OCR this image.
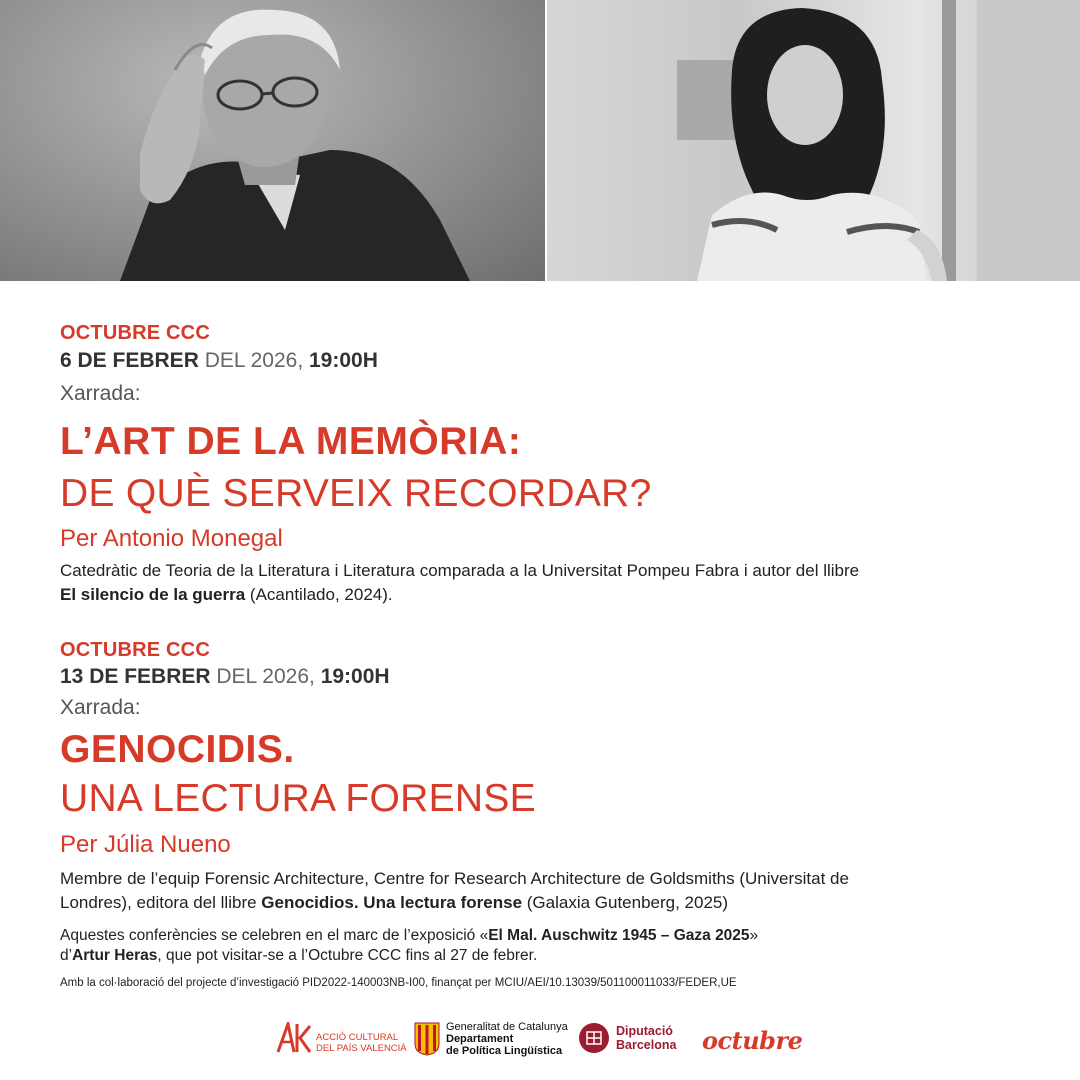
OCTUBRE CCC
6 DE FEBRER DEL 2026, 19:00H
Xarrada:
L’ART DE LA MEMÒRIA:
DE QUÈ SERVEIX RECORDAR?
Per Antonio Monegal
Catedràtic de Teoria de la Literatura i Literatura comparada a la Universitat Pompeu Fabra i autor del llibre
El silencio de la guerra (Acantilado, 2024).
OCTUBRE CCC
13 DE FEBRER DEL 2026, 19:00H
Xarrada:
GENOCIDIS.
UNA LECTURA FORENSE
Per Júlia Nueno
Membre de l’equip Forensic Architecture, Centre for Research Architecture de Goldsmiths (Universitat de
Londres), editora del llibre Genocidios. Una lectura forense (Galaxia Gutenberg, 2025)
Aquestes conferències se celebren en el marc de l’exposició «El Mal. Auschwitz 1945 – Gaza 2025»
d’Artur Heras, que pot visitar-se a l’Octubre CCC fins al 27 de febrer.
Amb la col·laboració del projecte d’investigació PID2022-140003NB-I00, finançat per MCIU/AEI/10.13039/501100011033/FEDER,UE
ACCIÓ CULTURAL
DEL PAÍS VALENCIÀ
Generalitat de Catalunya
Departament
de Política Lingüística
Diputació
Barcelona octubre
